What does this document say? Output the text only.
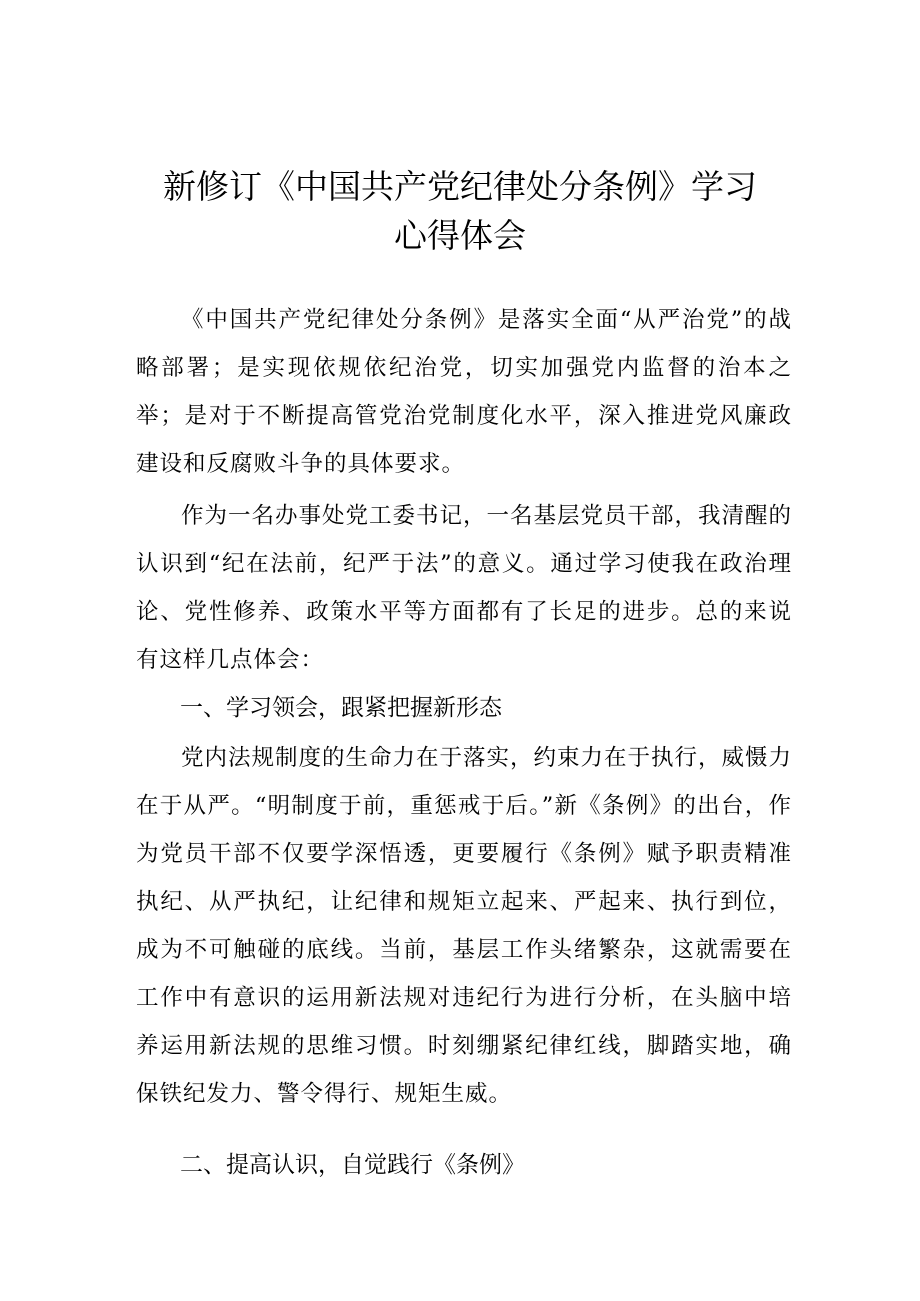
新修订《中国共产党纪律处分条例》学习
心得体会

《中国共产党纪律处分条例》是落实全面“从严治党”的战略部署；是实现依规依纪治党，切实加强党内监督的治本之举；是对于不断提高管党治党制度化水平，深入推进党风廉政建设和反腐败斗争的具体要求。

作为一名办事处党工委书记，一名基层党员干部，我清醒的认识到“纪在法前，纪严于法”的意义。通过学习使我在政治理论、党性修养、政策水平等方面都有了长足的进步。总的来说有这样几点体会：

一、学习领会，跟紧把握新形态

党内法规制度的生命力在于落实，约束力在于执行，威慑力在于从严。“明制度于前，重惩戒于后。”新《条例》的出台，作为党员干部不仅要学深悟透，更要履行《条例》赋予职责精准执纪、从严执纪，让纪律和规矩立起来、严起来、执行到位，成为不可触碰的底线。当前，基层工作头绪繁杂，这就需要在工作中有意识的运用新法规对违纪行为进行分析，在头脑中培养运用新法规的思维习惯。时刻绷紧纪律红线，脚踏实地，确保铁纪发力、警令得行、规矩生威。

二、提高认识，自觉践行《条例》
